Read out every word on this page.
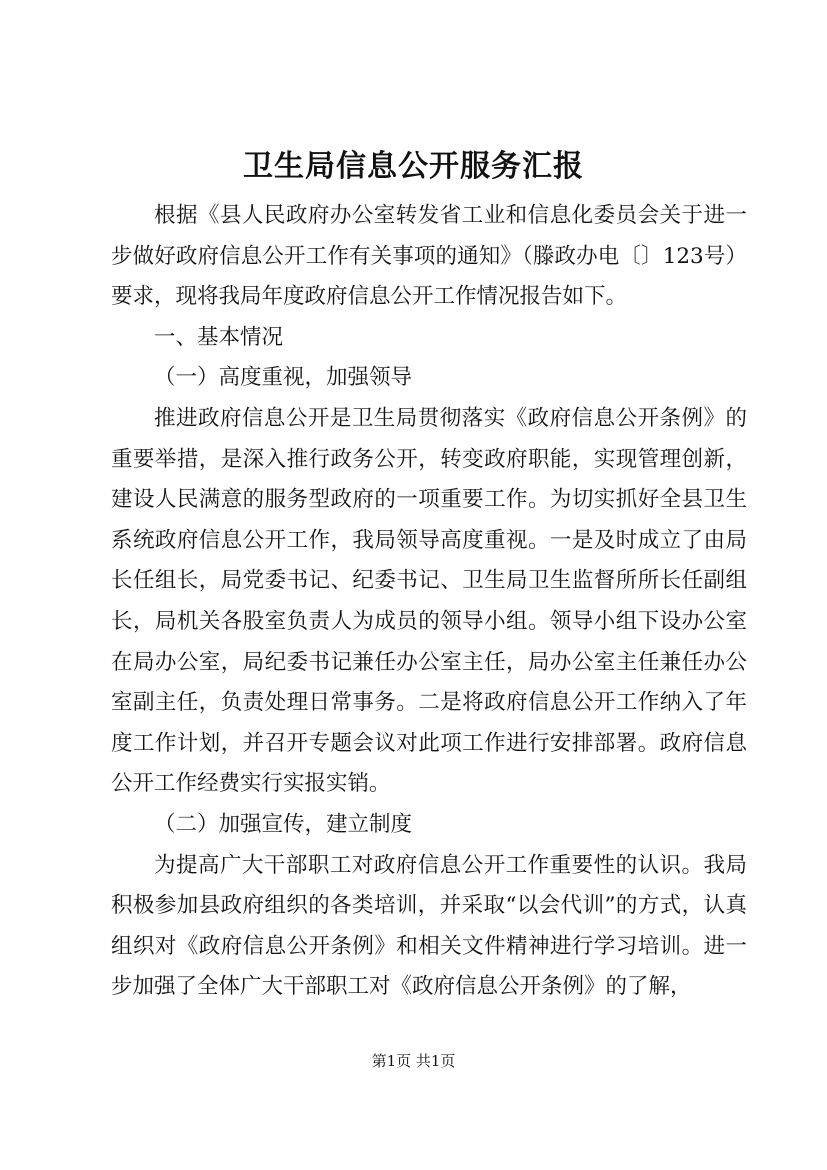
卫生局信息公开服务汇报

根据《县人民政府办公室转发省工业和信息化委员会关于进一步做好政府信息公开工作有关事项的通知》（滕政办电〔〕123号）要求，现将我局年度政府信息公开工作情况报告如下。

一、基本情况

（一）高度重视，加强领导

推进政府信息公开是卫生局贯彻落实《政府信息公开条例》的重要举措，是深入推行政务公开，转变政府职能，实现管理创新，建设人民满意的服务型政府的一项重要工作。为切实抓好全县卫生系统政府信息公开工作，我局领导高度重视。一是及时成立了由局长任组长，局党委书记、纪委书记、卫生局卫生监督所所长任副组长，局机关各股室负责人为成员的领导小组。领导小组下设办公室在局办公室，局纪委书记兼任办公室主任，局办公室主任兼任办公室副主任，负责处理日常事务。二是将政府信息公开工作纳入了年度工作计划，并召开专题会议对此项工作进行安排部署。政府信息公开工作经费实行实报实销。

（二）加强宣传，建立制度

为提高广大干部职工对政府信息公开工作重要性的认识。我局积极参加县政府组织的各类培训，并采取“以会代训”的方式，认真组织对《政府信息公开条例》和相关文件精神进行学习培训。进一步加强了全体广大干部职工对《政府信息公开条例》的了解，

第1页 共1页
